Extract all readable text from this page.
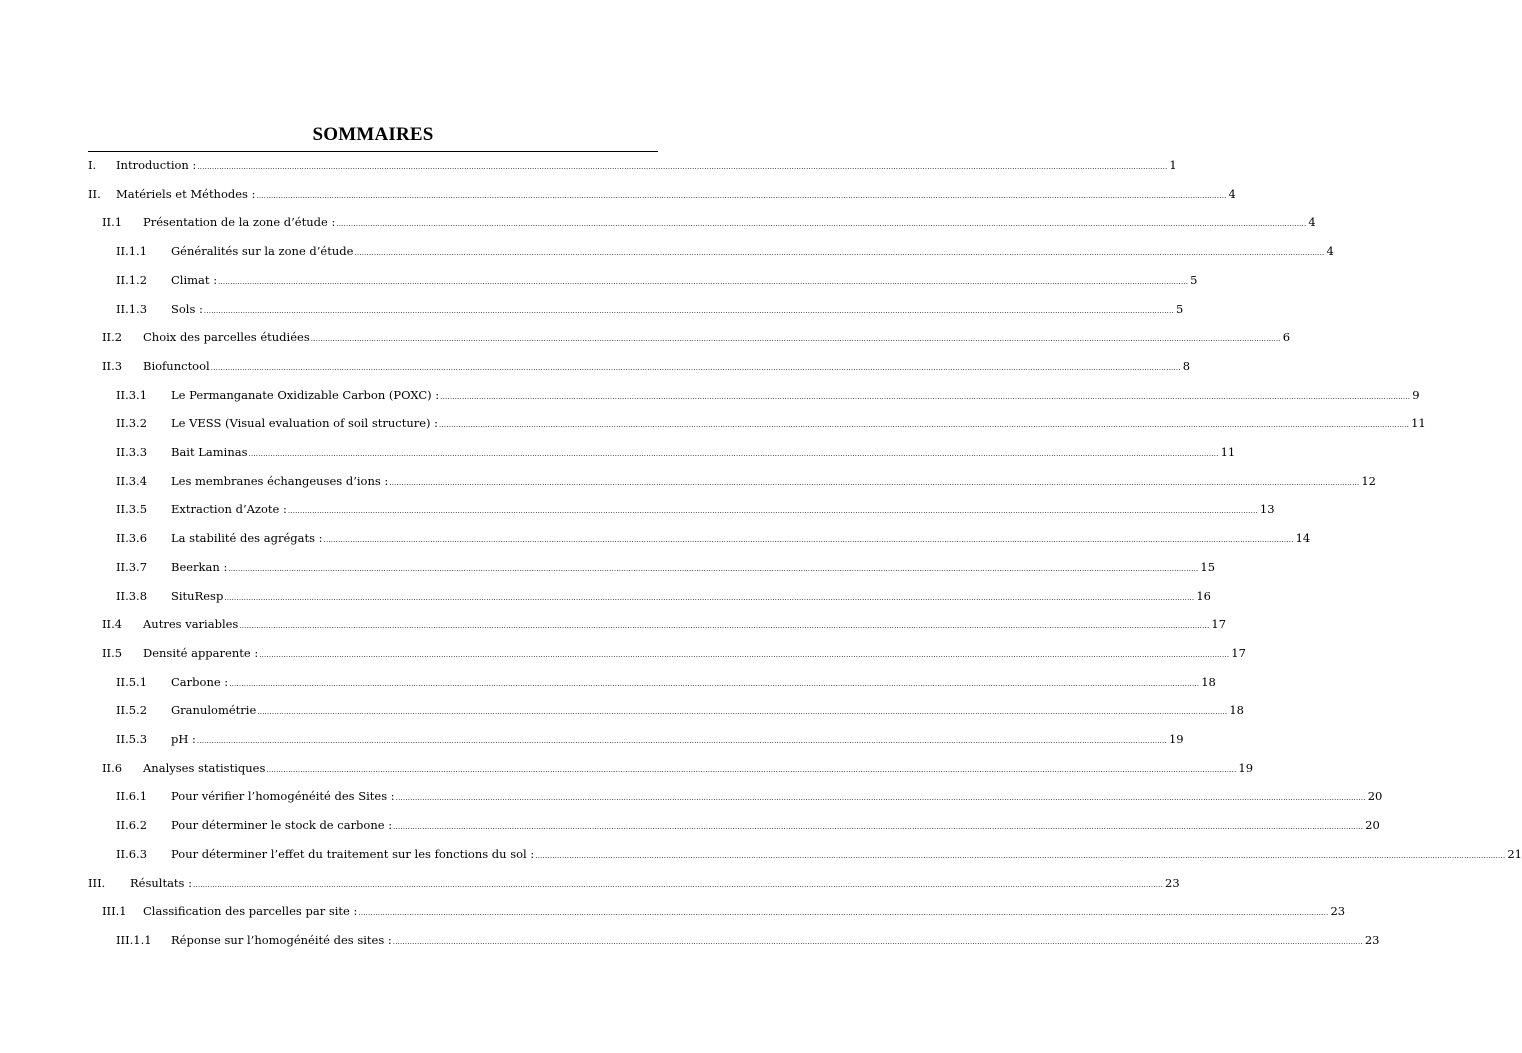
SOMMAIRES
I. Introduction : ................................................................................................................................................................................................................................................................................................................................................................................................................ 1
II. Matériels et Méthodes : ................................................................................................................................................................................................................................................................................................................................................................................................................ 4
II.1 Présentation de la zone d’étude : ................................................................................................................................................................................................................................................................................................................................................................................................................ 4
II.1.1 Généralités sur la zone d’étude ................................................................................................................................................................................................................................................................................................................................................................................................................ 4
II.1.2 Climat : ................................................................................................................................................................................................................................................................................................................................................................................................................ 5
II.1.3 Sols : ................................................................................................................................................................................................................................................................................................................................................................................................................ 5
II.2 Choix des parcelles étudiées ................................................................................................................................................................................................................................................................................................................................................................................................................ 6
II.3 Biofunctool ................................................................................................................................................................................................................................................................................................................................................................................................................ 8
II.3.1 Le Permanganate Oxidizable Carbon (POXC) : ................................................................................................................................................................................................................................................................................................................................................................................................................ 9
II.3.2 Le VESS (Visual evaluation of soil structure) : ................................................................................................................................................................................................................................................................................................................................................................................................................ 11
II.3.3 Bait Laminas ................................................................................................................................................................................................................................................................................................................................................................................................................ 11
II.3.4 Les membranes échangeuses d’ions : ................................................................................................................................................................................................................................................................................................................................................................................................................ 12
II.3.5 Extraction d’Azote : ................................................................................................................................................................................................................................................................................................................................................................................................................ 13
II.3.6 La stabilité des agrégats : ................................................................................................................................................................................................................................................................................................................................................................................................................ 14
II.3.7 Beerkan : ................................................................................................................................................................................................................................................................................................................................................................................................................ 15
II.3.8 SituResp ................................................................................................................................................................................................................................................................................................................................................................................................................ 16
II.4 Autres variables ................................................................................................................................................................................................................................................................................................................................................................................................................ 17
II.5 Densité apparente : ................................................................................................................................................................................................................................................................................................................................................................................................................ 17
II.5.1 Carbone : ................................................................................................................................................................................................................................................................................................................................................................................................................ 18
II.5.2 Granulométrie ................................................................................................................................................................................................................................................................................................................................................................................................................ 18
II.5.3 pH : ................................................................................................................................................................................................................................................................................................................................................................................................................ 19
II.6 Analyses statistiques ................................................................................................................................................................................................................................................................................................................................................................................................................ 19
II.6.1 Pour vérifier l’homogénéité des Sites : ................................................................................................................................................................................................................................................................................................................................................................................................................ 20
II.6.2 Pour déterminer le stock de carbone : ................................................................................................................................................................................................................................................................................................................................................................................................................ 20
II.6.3 Pour déterminer l’effet du traitement sur les fonctions du sol : ................................................................................................................................................................................................................................................................................................................................................................................................................ 21
III. Résultats : ................................................................................................................................................................................................................................................................................................................................................................................................................ 23
III.1 Classification des parcelles par site : ................................................................................................................................................................................................................................................................................................................................................................................................................ 23
III.1.1 Réponse sur l’homogénéité des sites : ................................................................................................................................................................................................................................................................................................................................................................................................................ 23
